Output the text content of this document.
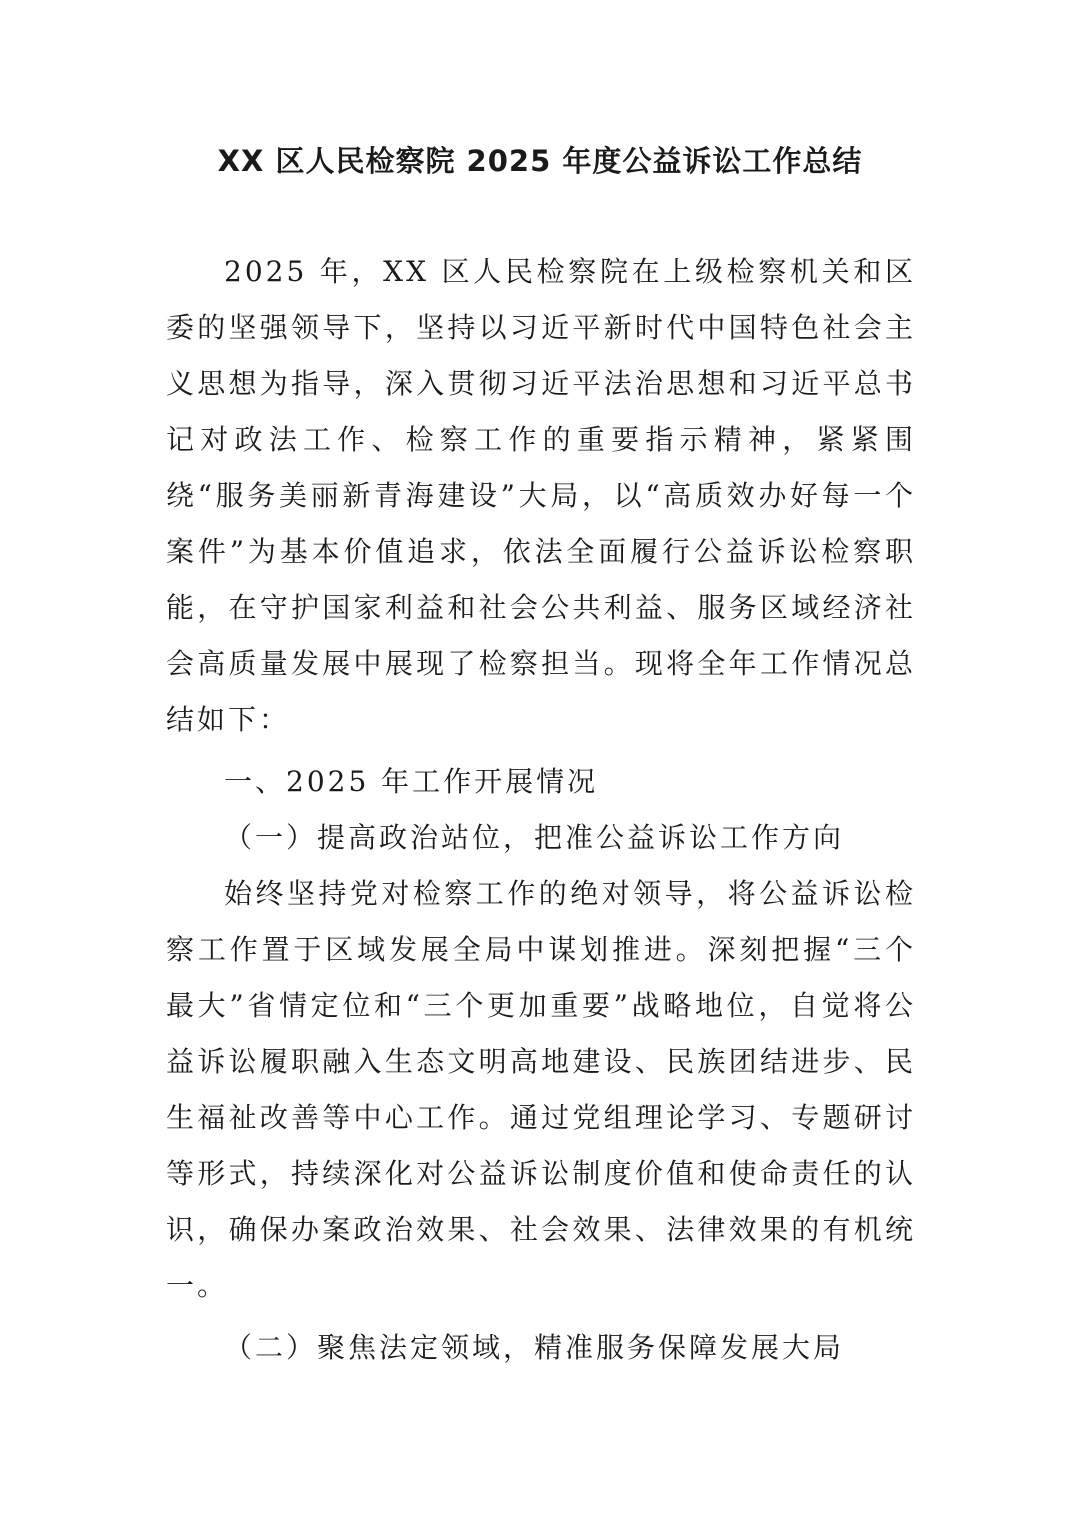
XX 区人民检察院 2025 年度公益诉讼工作总结

2025 年，XX 区人民检察院在上级检察机关和区委的坚强领导下，坚持以习近平新时代中国特色社会主义思想为指导，深入贯彻习近平法治思想和习近平总书记对政法工作、检察工作的重要指示精神，紧紧围绕“服务美丽新青海建设”大局，以“高质效办好每一个案件”为基本价值追求，依法全面履行公益诉讼检察职能，在守护国家利益和社会公共利益、服务区域经济社会高质量发展中展现了检察担当。现将全年工作情况总结如下：

一、2025 年工作开展情况

（一）提高政治站位，把准公益诉讼工作方向

始终坚持党对检察工作的绝对领导，将公益诉讼检察工作置于区域发展全局中谋划推进。深刻把握“三个最大”省情定位和“三个更加重要”战略地位，自觉将公益诉讼履职融入生态文明高地建设、民族团结进步、民生福祉改善等中心工作。通过党组理论学习、专题研讨等形式，持续深化对公益诉讼制度价值和使命责任的认识，确保办案政治效果、社会效果、法律效果的有机统一。

（二）聚焦法定领域，精准服务保障发展大局
